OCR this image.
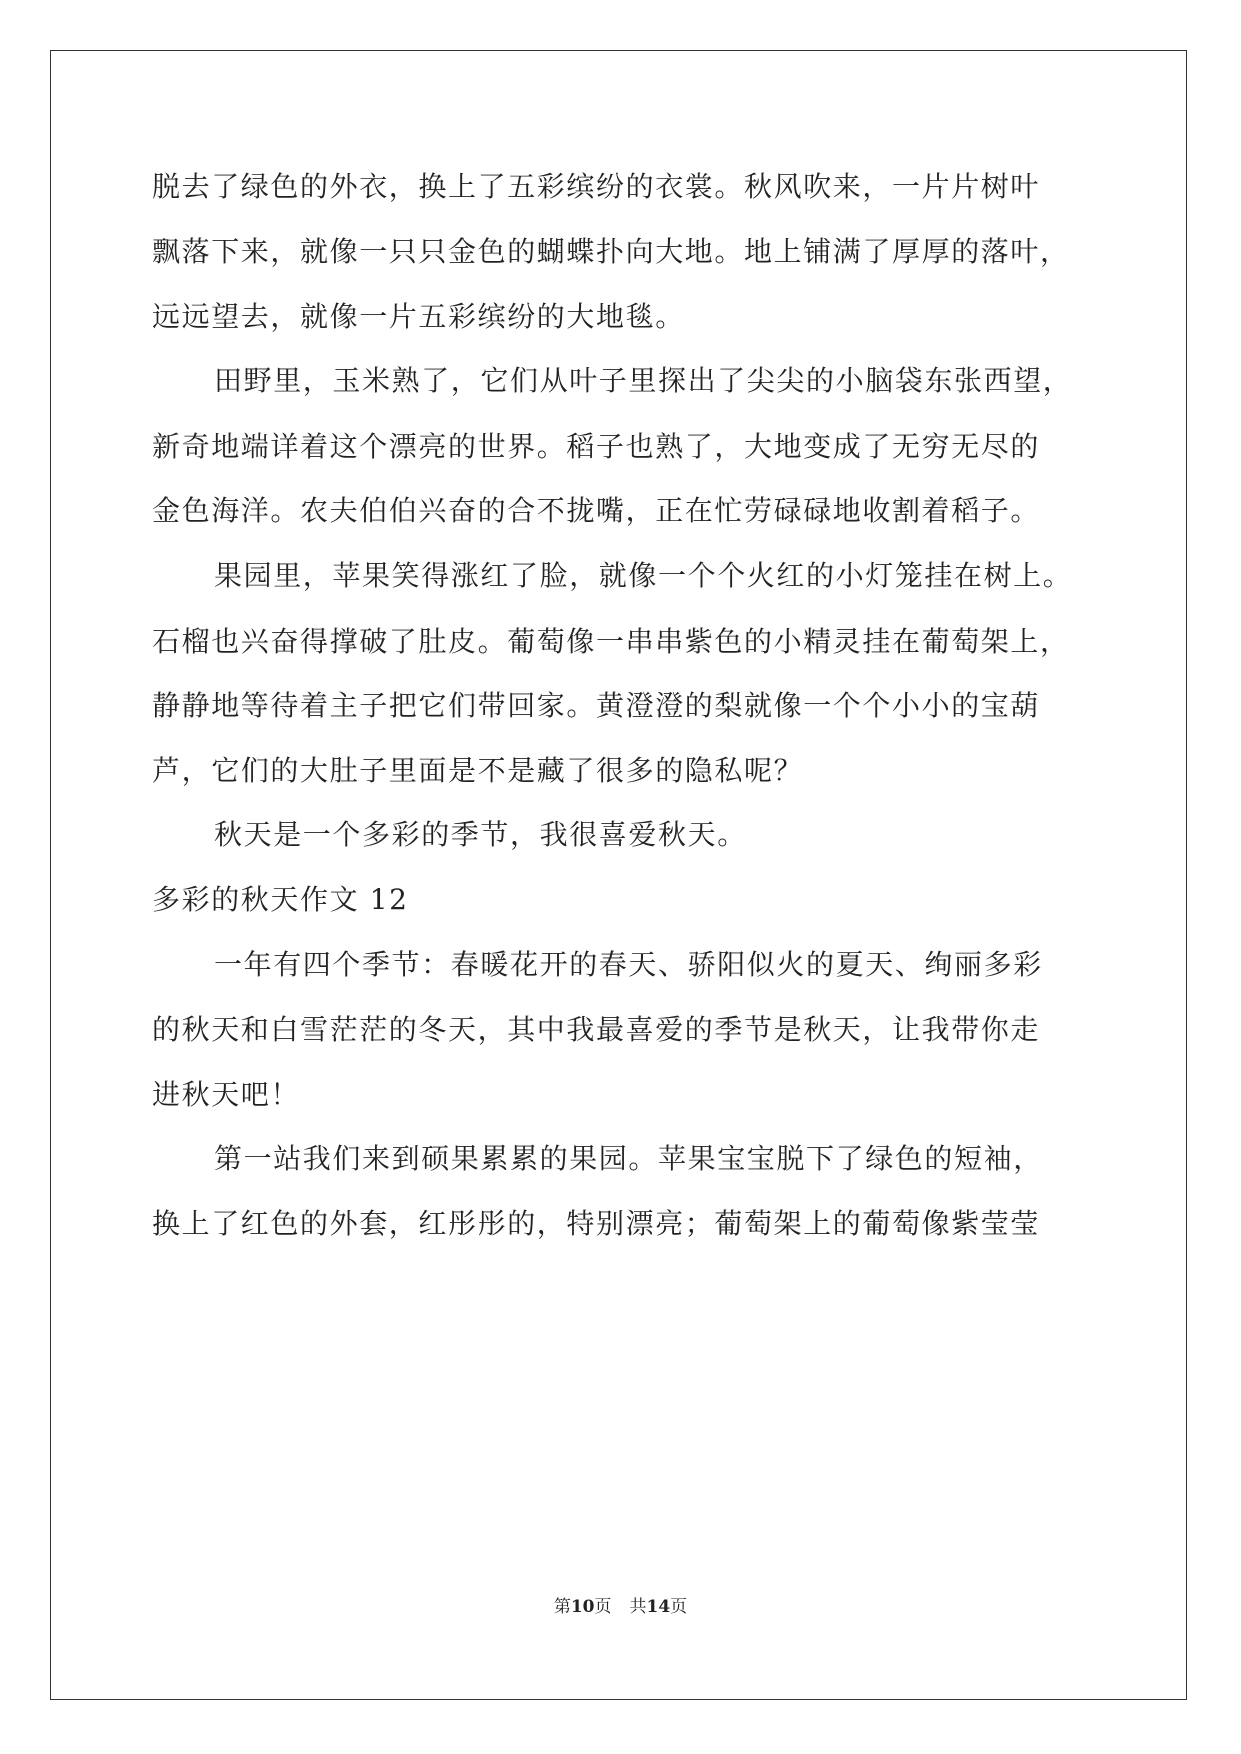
脱去了绿色的外衣，换上了五彩缤纷的衣裳。秋风吹来，一片片树叶
飘落下来，就像一只只金色的蝴蝶扑向大地。地上铺满了厚厚的落叶，
远远望去，就像一片五彩缤纷的大地毯。
田野里，玉米熟了，它们从叶子里探出了尖尖的小脑袋东张西望，
新奇地端详着这个漂亮的世界。稻子也熟了，大地变成了无穷无尽的
金色海洋。农夫伯伯兴奋的合不拢嘴，正在忙劳碌碌地收割着稻子。
果园里，苹果笑得涨红了脸，就像一个个火红的小灯笼挂在树上。
石榴也兴奋得撑破了肚皮。葡萄像一串串紫色的小精灵挂在葡萄架上，
静静地等待着主子把它们带回家。黄澄澄的梨就像一个个小小的宝葫
芦，它们的大肚子里面是不是藏了很多的隐私呢？
秋天是一个多彩的季节，我很喜爱秋天。
多彩的秋天作文 12
一年有四个季节：春暖花开的春天、骄阳似火的夏天、绚丽多彩
的秋天和白雪茫茫的冬天，其中我最喜爱的季节是秋天，让我带你走
进秋天吧！
第一站我们来到硕果累累的果园。苹果宝宝脱下了绿色的短袖，
换上了红色的外套，红彤彤的，特别漂亮；葡萄架上的葡萄像紫莹莹
第10页 共14页
